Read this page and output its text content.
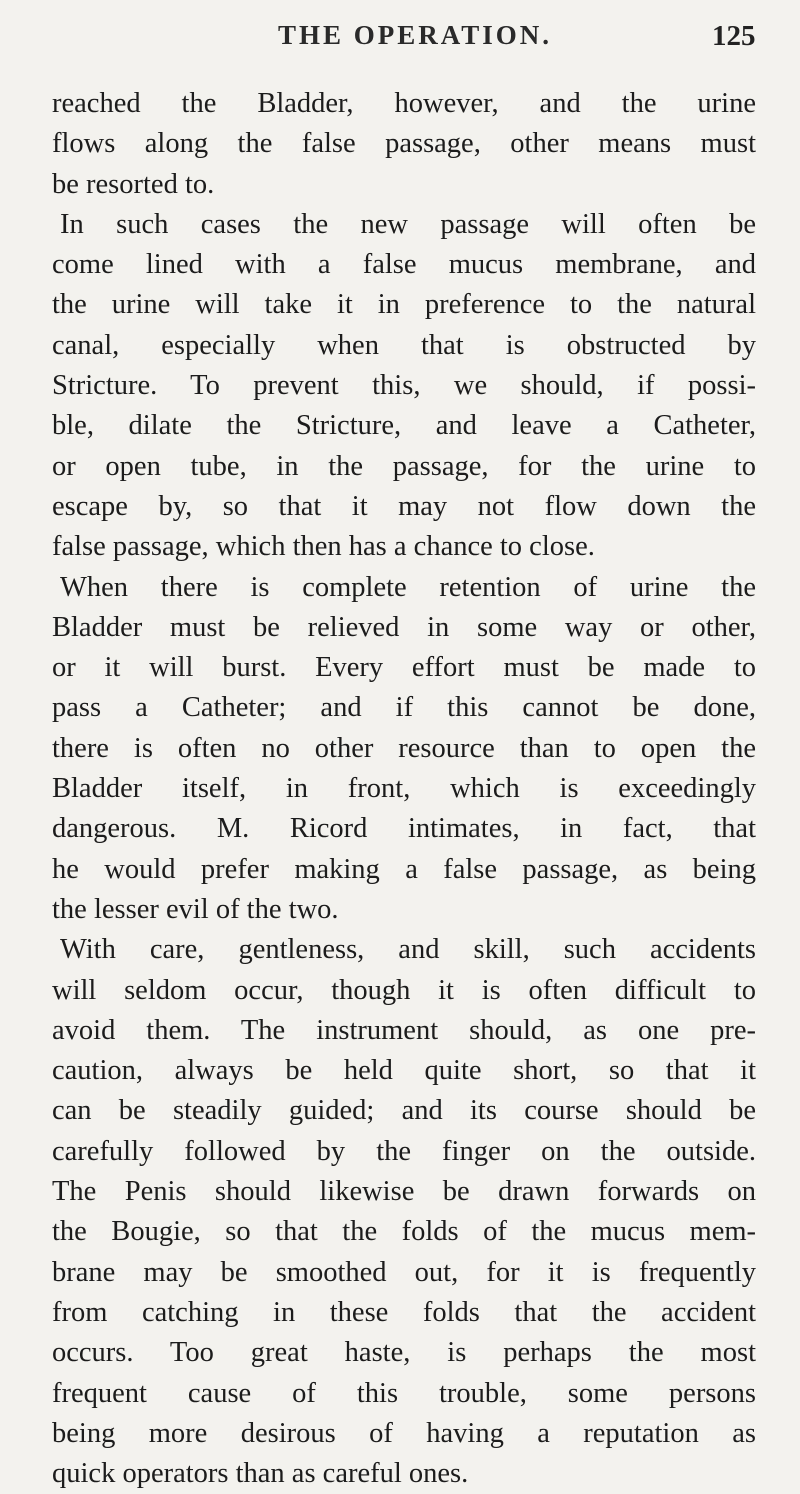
THE OPERATION.	125
reached the Bladder, however, and the urine
flows along the false passage, other means must
be resorted to.
In such cases the new passage will often be
come lined with a false mucus membrane, and
the urine will take it in preference to the natural
canal, especially when that is obstructed by
Stricture. To prevent this, we should, if possi-
ble, dilate the Stricture, and leave a Catheter,
or open tube, in the passage, for the urine to
escape by, so that it may not flow down the
false passage, which then has a chance to close.
When there is complete retention of urine the
Bladder must be relieved in some way or other,
or it will burst. Every effort must be made to
pass a Catheter; and if this cannot be done,
there is often no other resource than to open the
Bladder itself, in front, which is exceedingly
dangerous. M. Ricord intimates, in fact, that
he would prefer making a false passage, as being
the lesser evil of the two.
With care, gentleness, and skill, such accidents
will seldom occur, though it is often difficult to
avoid them. The instrument should, as one pre-
caution, always be held quite short, so that it
can be steadily guided; and its course should be
carefully followed by the finger on the outside.
The Penis should likewise be drawn forwards on
the Bougie, so that the folds of the mucus mem-
brane may be smoothed out, for it is frequently
from catching in these folds that the accident
occurs. Too great haste, is perhaps the most
frequent cause of this trouble, some persons
being more desirous of having a reputation as
quick operators than as careful ones.
